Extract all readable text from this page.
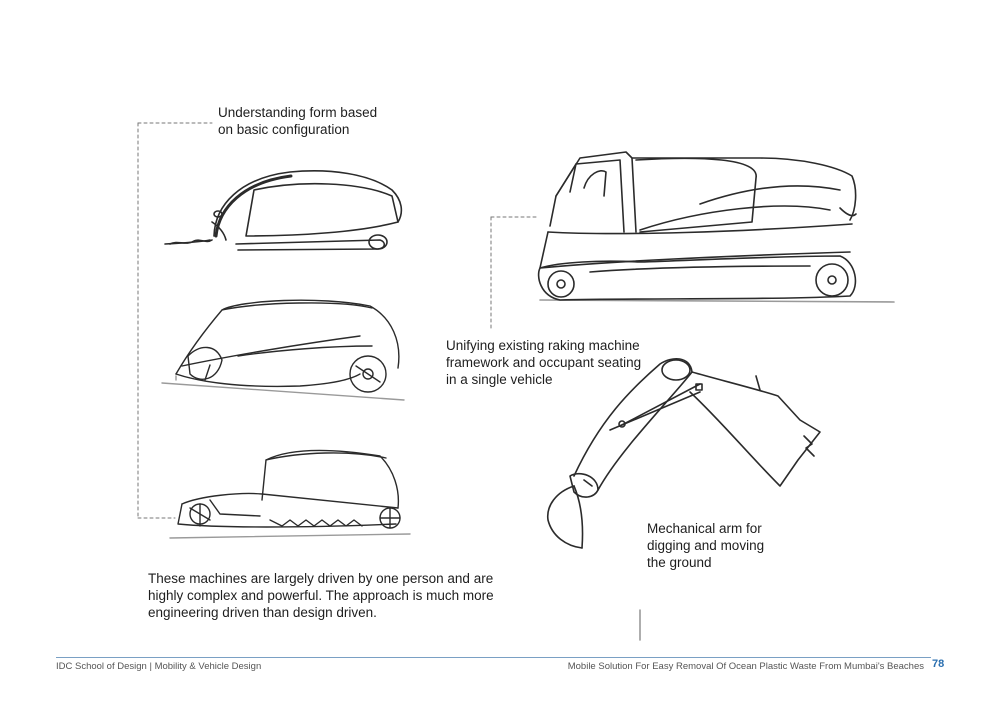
Understanding form based
on basic configuration
Unifying existing raking machine
framework and occupant seating
in a single vehicle
Mechanical arm for
digging and moving
the ground
These machines are largely driven by one person and are highly complex and powerful. The approach is much more engineering driven than design driven.
IDC School of Design | Mobility & Vehicle Design	Mobile Solution For Easy Removal Of Ocean Plastic Waste From Mumbai's Beaches 78
